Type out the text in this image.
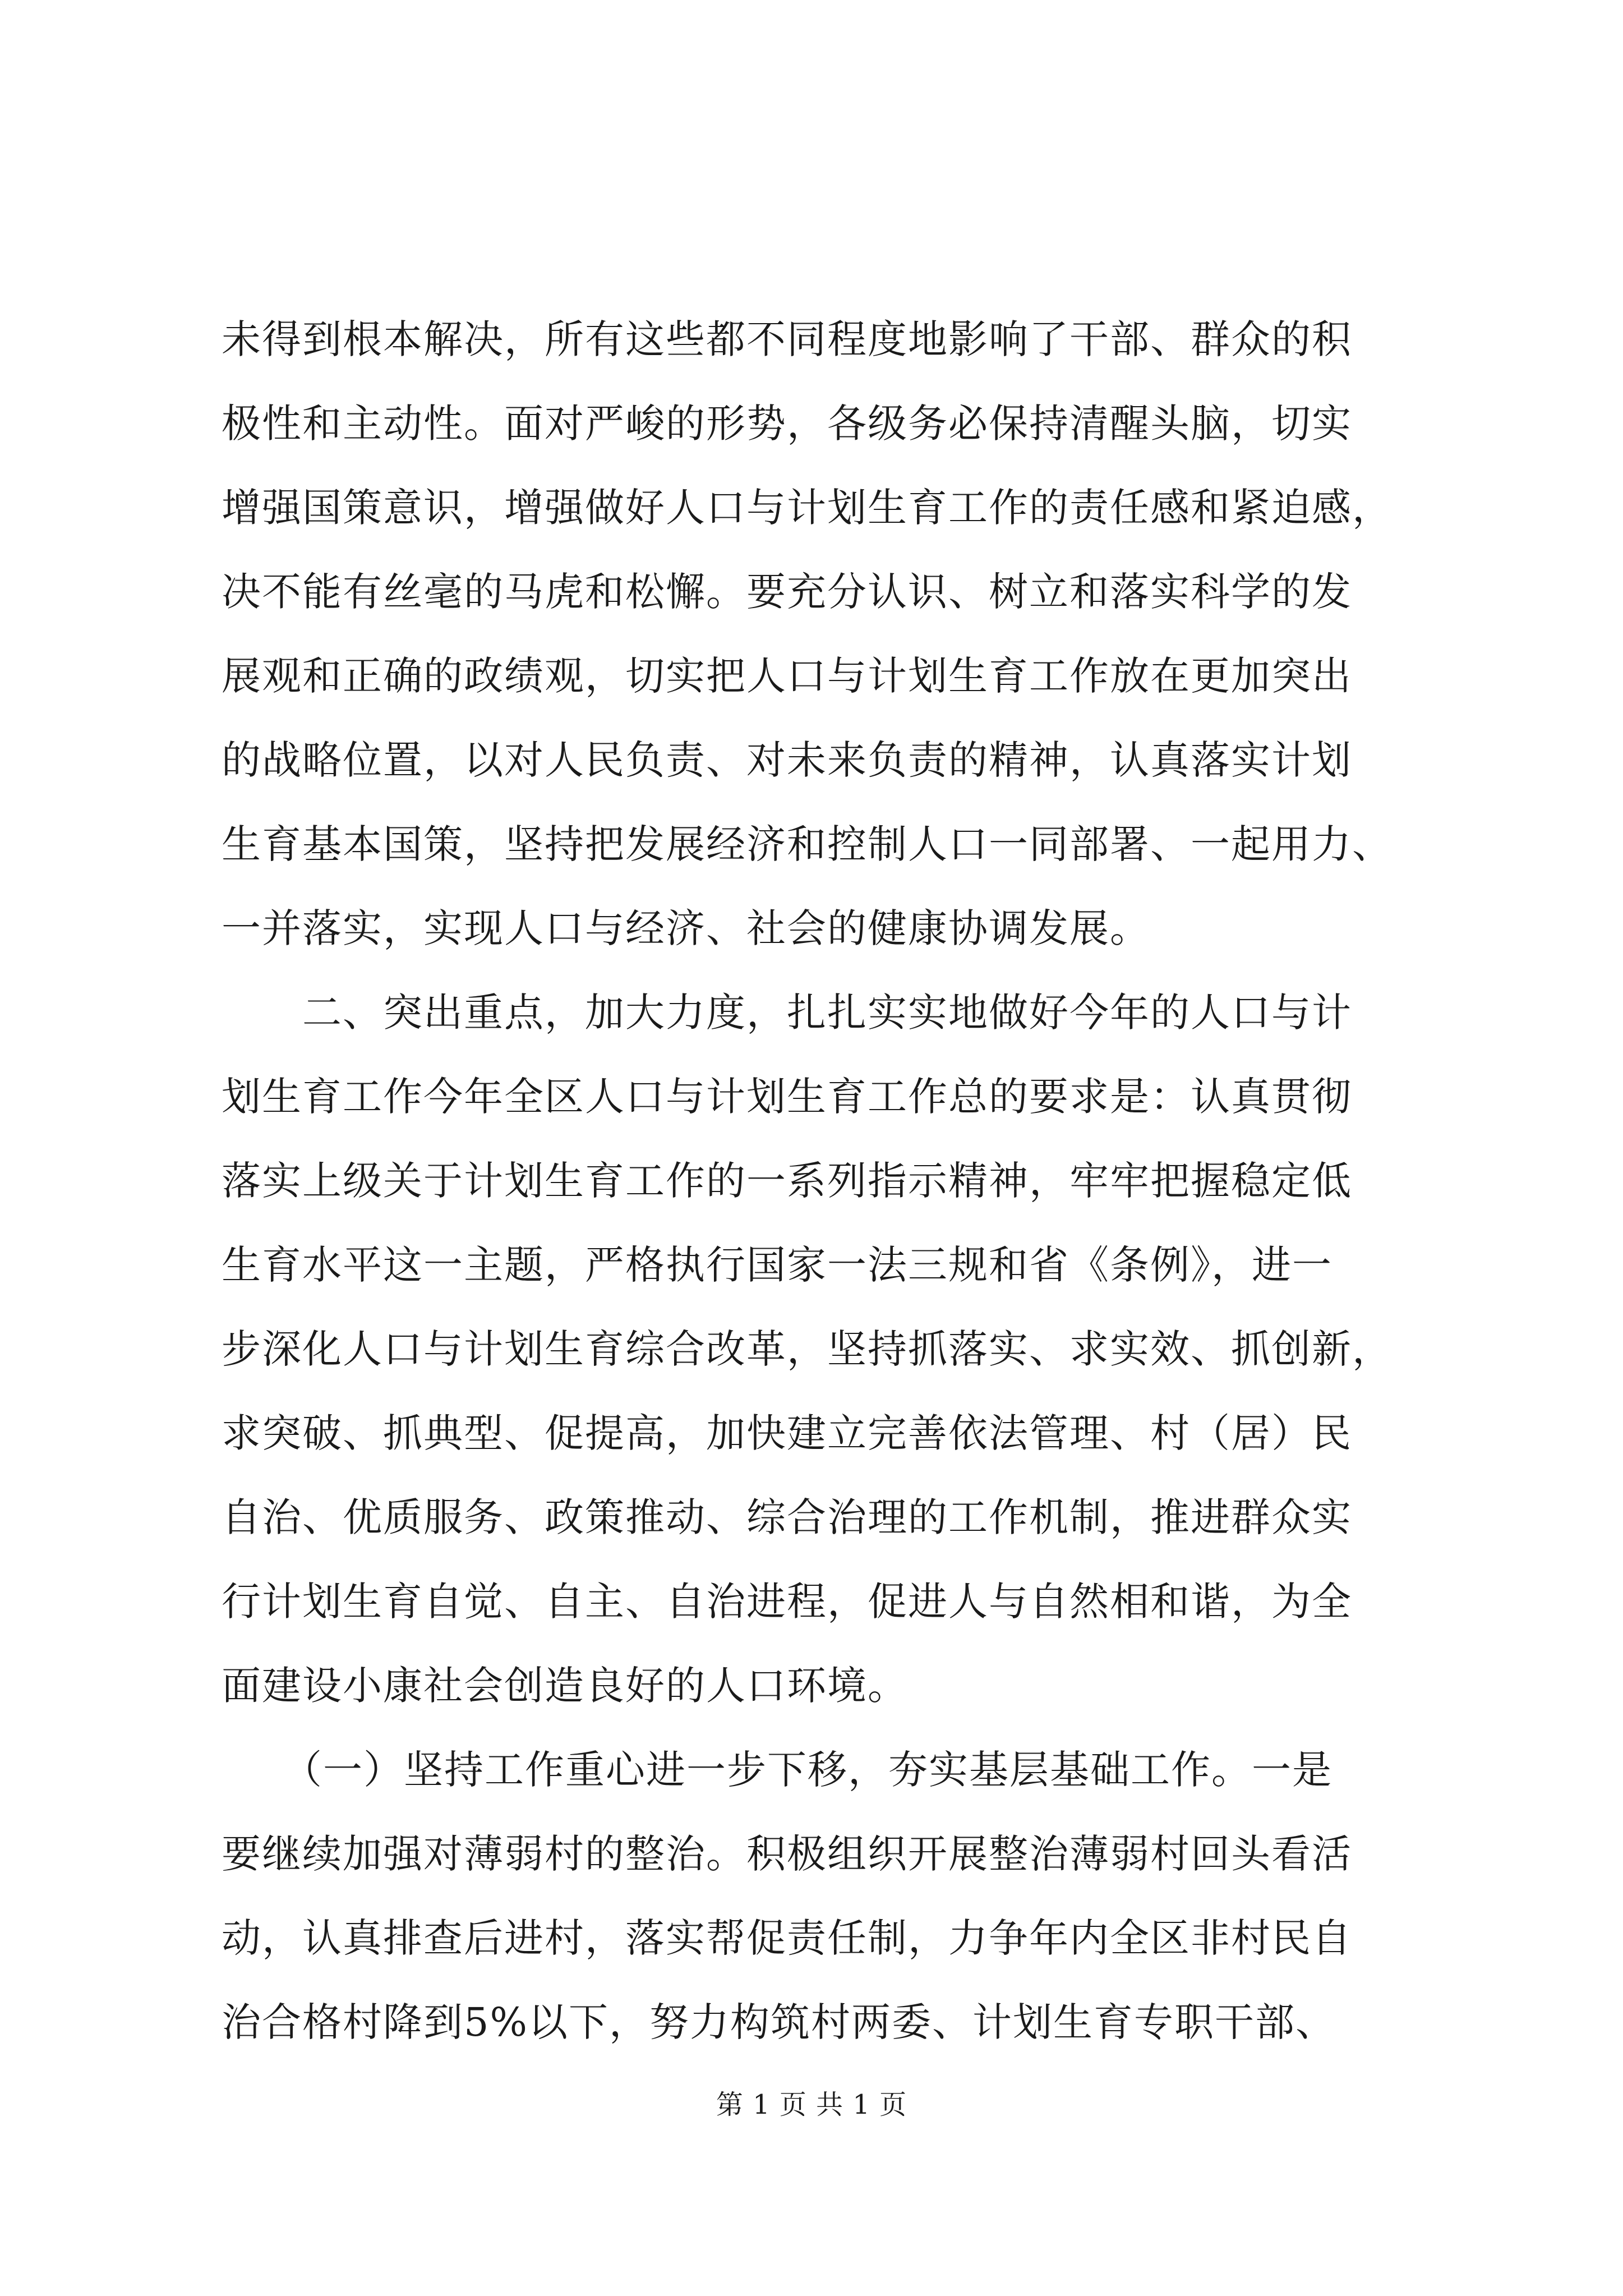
未得到根本解决，所有这些都不同程度地影响了干部、群众的积
极性和主动性。面对严峻的形势，各级务必保持清醒头脑，切实
增强国策意识，增强做好人口与计划生育工作的责任感和紧迫感，
决不能有丝毫的马虎和松懈。要充分认识、树立和落实科学的发
展观和正确的政绩观，切实把人口与计划生育工作放在更加突出
的战略位置，以对人民负责、对未来负责的精神，认真落实计划
生育基本国策，坚持把发展经济和控制人口一同部署、一起用力、
一并落实，实现人口与经济、社会的健康协调发展。
　　二、突出重点，加大力度，扎扎实实地做好今年的人口与计
划生育工作今年全区人口与计划生育工作总的要求是：认真贯彻
落实上级关于计划生育工作的一系列指示精神，牢牢把握稳定低
生育水平这一主题，严格执行国家一法三规和省《条例》，进一
步深化人口与计划生育综合改革，坚持抓落实、求实效、抓创新，
求突破、抓典型、促提高，加快建立完善依法管理、村（居）民
自治、优质服务、政策推动、综合治理的工作机制，推进群众实
行计划生育自觉、自主、自治进程，促进人与自然相和谐，为全
面建设小康社会创造良好的人口环境。
　　（一）坚持工作重心进一步下移，夯实基层基础工作。一是
要继续加强对薄弱村的整治。积极组织开展整治薄弱村回头看活
动，认真排查后进村，落实帮促责任制，力争年内全区非村民自
治合格村降到5%以下，努力构筑村两委、计划生育专职干部、
第 1 页 共 1 页
